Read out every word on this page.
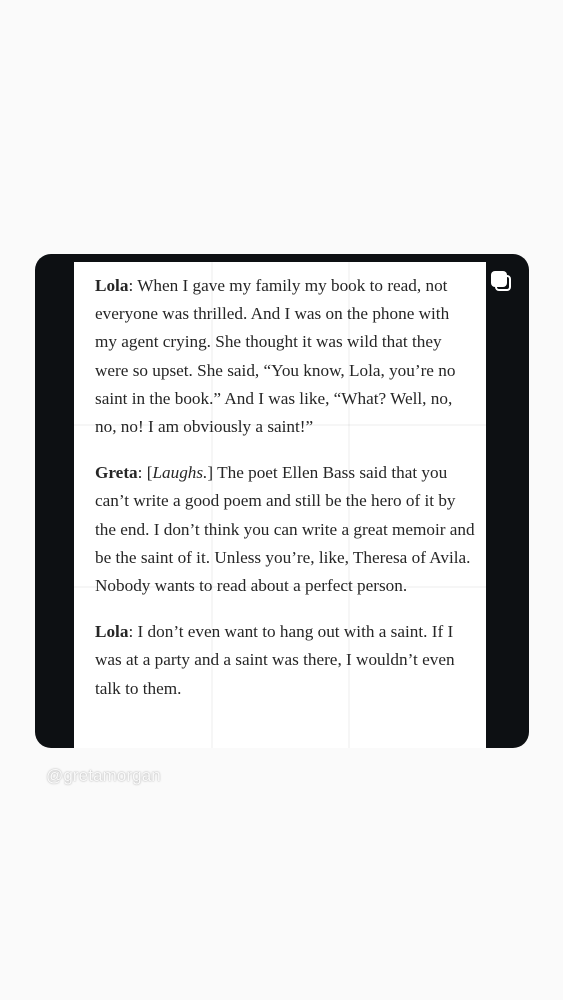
Lola: When I gave my family my book to read, not everyone was thrilled. And I was on the phone with my agent crying. She thought it was wild that they were so upset. She said, “You know, Lola, you’re no saint in the book.” And I was like, “What? Well, no, no, no! I am obviously a saint!”

Greta: [Laughs.] The poet Ellen Bass said that you can’t write a good poem and still be the hero of it by the end. I don’t think you can write a great memoir and be the saint of it. Unless you’re, like, Theresa of Avila. Nobody wants to read about a perfect person.

Lola: I don’t even want to hang out with a saint. If I was at a party and a saint was there, I wouldn’t even talk to them.

@gretamorgan
